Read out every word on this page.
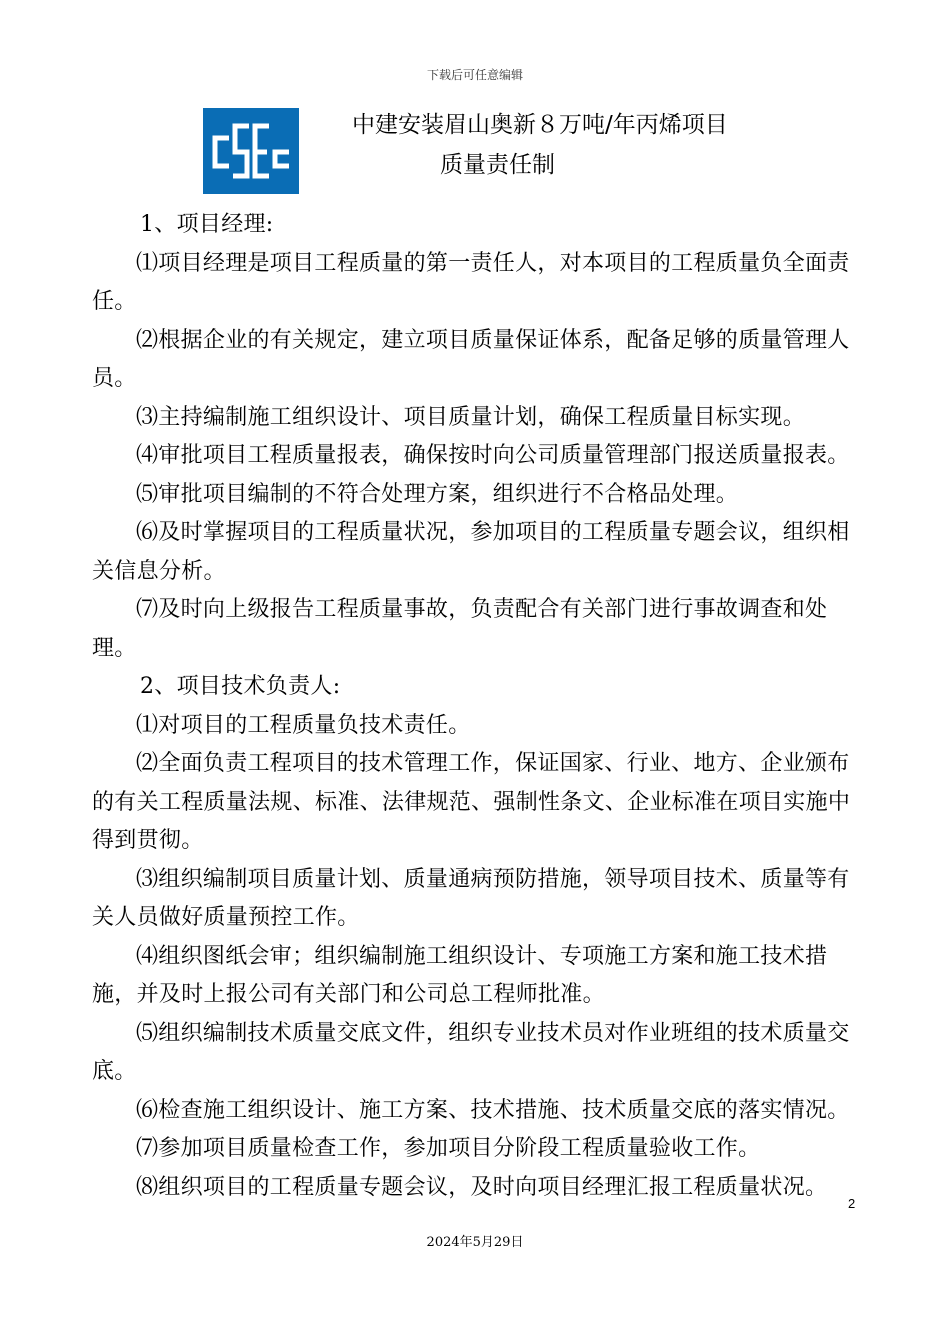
下载后可任意编辑
中建安装眉山奥新８万吨/年丙烯项目
质量责任制

1、项目经理:

⑴项目经理是项目工程质量的第一责任人，对本项目的工程质量负全面责任。

⑵根据企业的有关规定，建立项目质量保证体系，配备足够的质量管理人员。

⑶主持编制施工组织设计、项目质量计划，确保工程质量目标实现。

⑷审批项目工程质量报表，确保按时向公司质量管理部门报送质量报表。

⑸审批项目编制的不符合处理方案，组织进行不合格品处理。

⑹及时掌握项目的工程质量状况，参加项目的工程质量专题会议，组织相关信息分析。

⑺及时向上级报告工程质量事故，负责配合有关部门进行事故调查和处理。

2、项目技术负责人:

⑴对项目的工程质量负技术责任。

⑵全面负责工程项目的技术管理工作，保证国家、行业、地方、企业颁布的有关工程质量法规、标准、法律规范、强制性条文、企业标准在项目实施中得到贯彻。

⑶组织编制项目质量计划、质量通病预防措施，领导项目技术、质量等有关人员做好质量预控工作。

⑷组织图纸会审；组织编制施工组织设计、专项施工方案和施工技术措施，并及时上报公司有关部门和公司总工程师批准。

⑸组织编制技术质量交底文件，组织专业技术员对作业班组的技术质量交底。

⑹检查施工组织设计、施工方案、技术措施、技术质量交底的落实情况。

⑺参加项目质量检查工作，参加项目分阶段工程质量验收工作。

⑻组织项目的工程质量专题会议，及时向项目经理汇报工程质量状况。

2
2024年5月29日
